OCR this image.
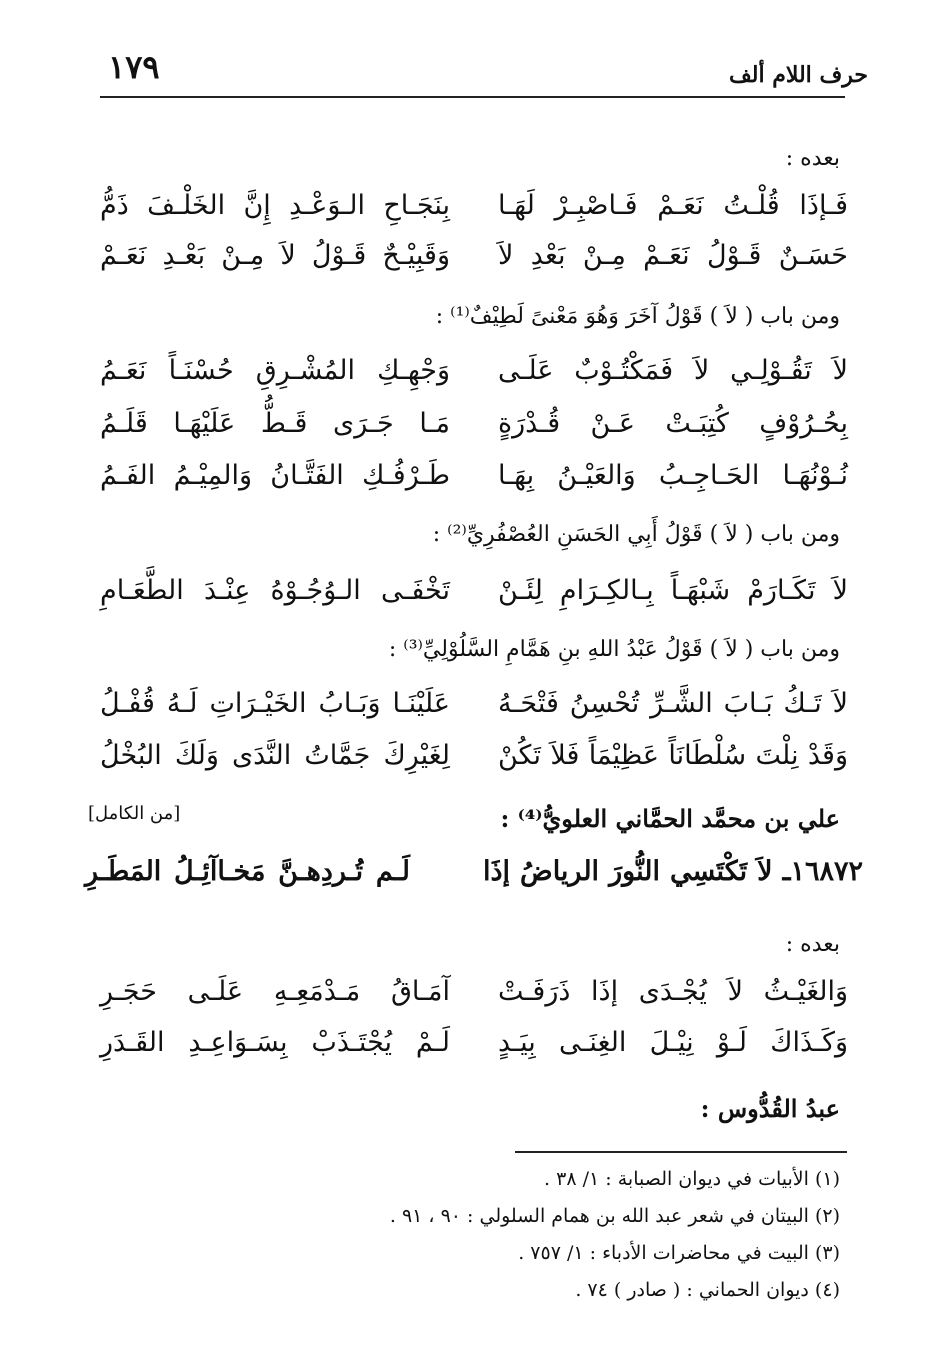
حرف اللام ألف
١٧٩
بعده :
فَـإذَا قُلْـتُ نَعَـمْ فَـاصْبِـرْ لَهَـا
بِنَجَـاحِ الـوَعْـدِ إِنَّ الخَلْـفَ ذَمُّ
حَسَـنٌ قَـوْلُ نَعَـمْ مِـنْ بَعْدِ لاَ
وَقَبِيْـحٌ قَـوْلُ لاَ مِـنْ بَعْـدِ نَعَـمْ
ومن باب ( لاَ ) قَوْلُ آخَرَ وَهُوَ مَعْنىً لَطِيْفٌ⁽¹⁾ :
لاَ تَقُـوْلِـي لاَ فَمَكْتُـوْبٌ عَلَـى
وَجْهِـكِ المُشْـرِقِ حُسْنَـاً نَعَـمُ
بِحُـرُوْفٍ كُتِبَـتْ عَـنْ قُـدْرَةٍ
مَـا جَـرَى قَـطُّ عَلَيْهَـا قَلَـمُ
نُـوْنُهَـا الحَـاجِـبُ وَالعَيْـنُ بِهَـا
طَـرْفُـكِ الفَتَّـانُ وَالمِيْـمُ الفَـمُ
ومن باب ( لاَ ) قَوْلُ أَبِي الحَسَنِ العُصْفُرِيِّ⁽²⁾ :
لاَ تَكَـارَمْ شَبْهَـاً بِـالكِـرَامِ لِئَـنْ
تَخْفَـى الـوُجُـوْهُ عِنْـدَ الطَّعَـامِ
ومن باب ( لاَ ) قَوْلُ عَبْدُ اللهِ بنِ هَمَّامِ السَّلُوْلِيِّ⁽³⁾ :
لاَ تَـكُ بَـابَ الشَّـرِّ تُحْسِنُ فَتْحَـهُ
عَلَيْنَـا وَبَـابُ الخَيْـرَاتِ لَـهُ قُفْـلُ
وَقَدْ نِلْتَ سُلْطَانَاً عَظِيْمَاً فَلاَ تَكُنْ
لِغَيْرِكَ جَمَّاتُ النَّدَى وَلَكَ البُخْلُ
علي بن محمَّد الحمَّاني العلويُّ⁽⁴⁾ :
[من الكامل]
١٦٨٧٢ـ لاَ تَكْتَسِي النُّورَ الرياضُ إذَا
لَـم تُـردِهـنَّ مَخـاآئِـلُ المَطَـرِ
بعده :
وَالغَيْـثُ لاَ يُجْـدَى إذَا ذَرَفَـتْ
آمَـاقُ مَـدْمَعِـهِ عَلَـى حَجَـرِ
وَكَـذَاكَ لَـوْ نِيْـلَ الغِنَـى بِيَـدٍ
لَـمْ يُجْتَـذَبْ بِسَـوَاعِـدِ القَـدَرِ
عبدُ القُدُّوس :
(١) الأبيات في ديوان الصبابة : ١/ ٣٨ .
(٢) البيتان في شعر عبد الله بن همام السلولي : ٩٠ ، ٩١ .
(٣) البيت في محاضرات الأدباء : ١/ ٧٥٧ .
(٤) ديوان الحماني : ( صادر ) ٧٤ .
